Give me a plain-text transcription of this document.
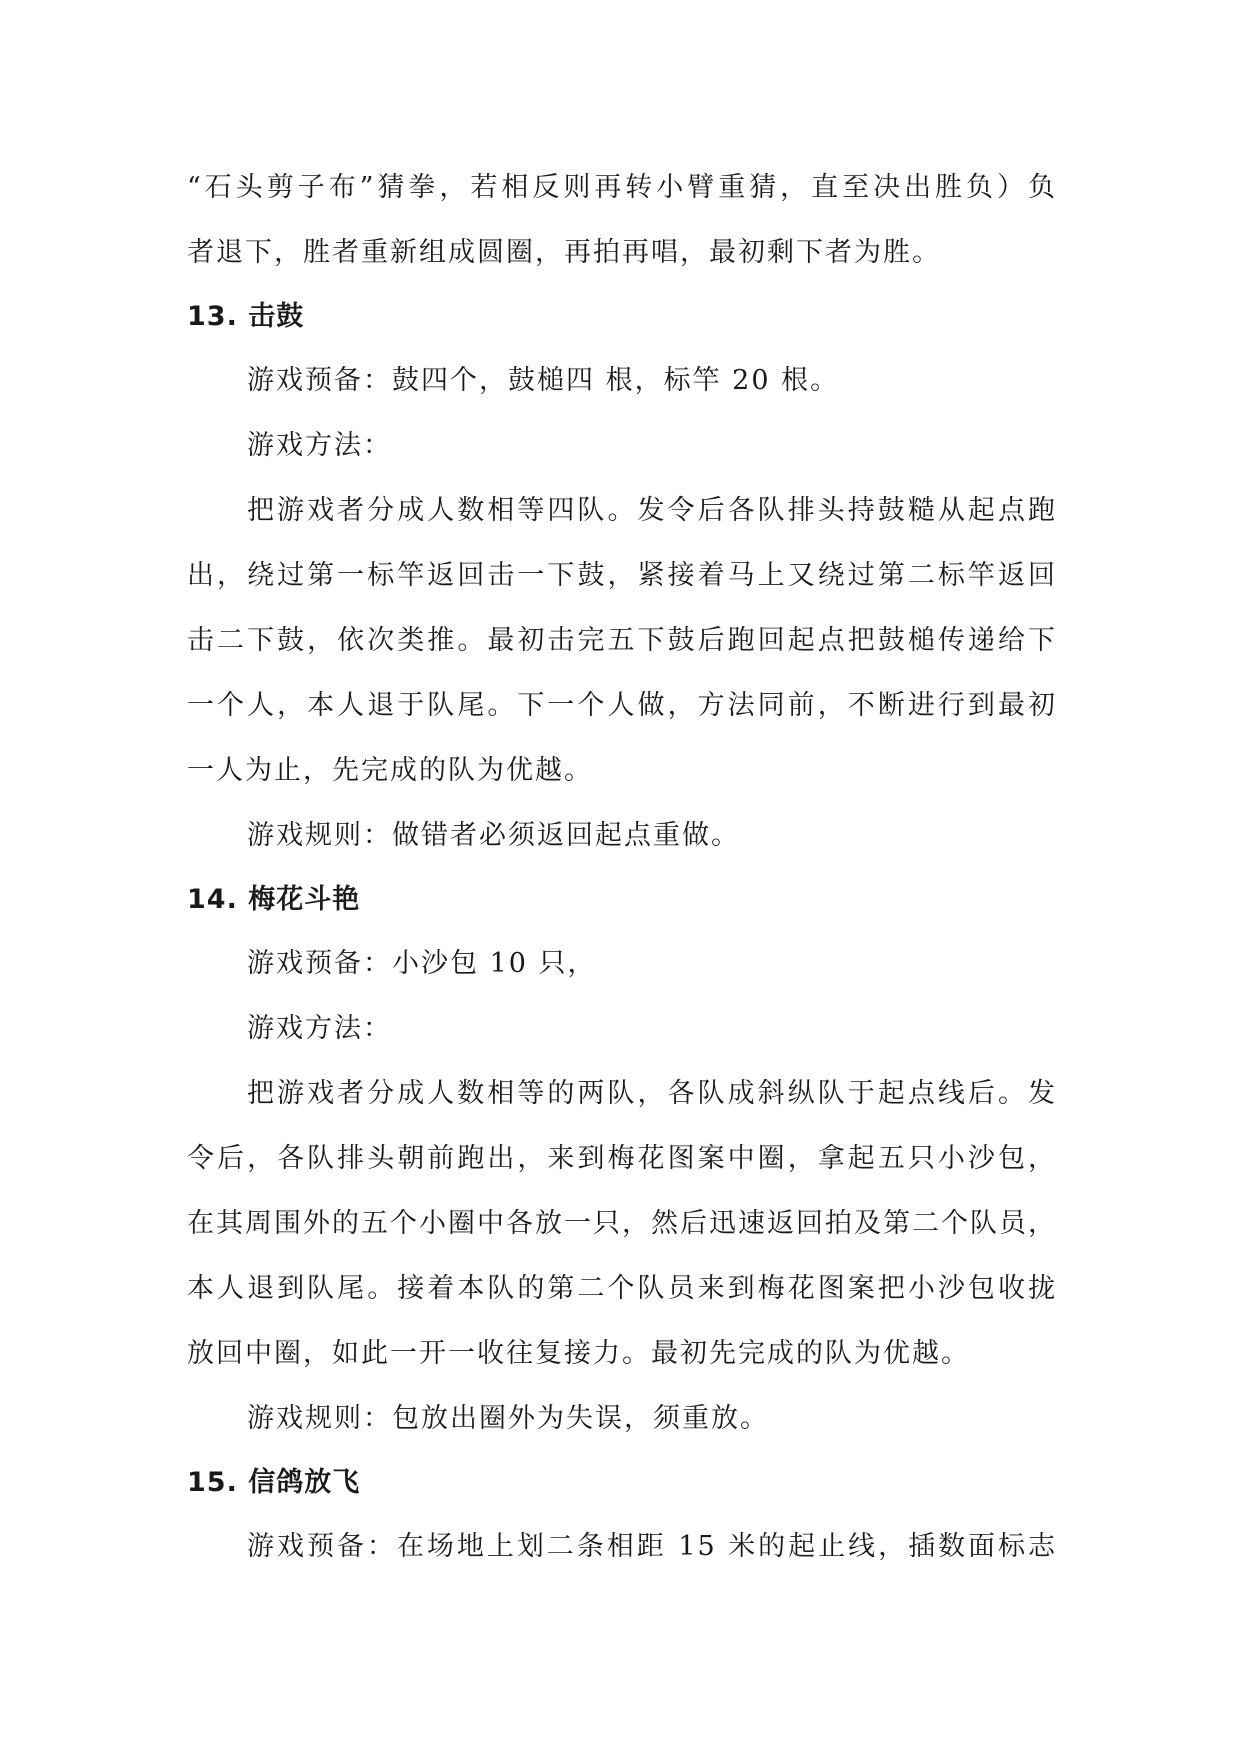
“石头剪子布”猜拳，若相反则再转小臂重猜，直至决出胜负）负
者退下，胜者重新组成圆圈，再拍再唱，最初剩下者为胜。
13. 击鼓
游戏预备：鼓四个，鼓槌四 根，标竿 20 根。
游戏方法：
把游戏者分成人数相等四队。发令后各队排头持鼓糙从起点跑
出，绕过第一标竿返回击一下鼓，紧接着马上又绕过第二标竿返回
击二下鼓，依次类推。最初击完五下鼓后跑回起点把鼓槌传递给下
一个人，本人退于队尾。下一个人做，方法同前，不断进行到最初
一人为止，先完成的队为优越。
游戏规则：做错者必须返回起点重做。
14. 梅花斗艳
游戏预备：小沙包 10 只，
游戏方法：
把游戏者分成人数相等的两队，各队成斜纵队于起点线后。发
令后，各队排头朝前跑出，来到梅花图案中圈，拿起五只小沙包，
在其周围外的五个小圈中各放一只，然后迅速返回拍及第二个队员，
本人退到队尾。接着本队的第二个队员来到梅花图案把小沙包收拢
放回中圈，如此一开一收往复接力。最初先完成的队为优越。
游戏规则：包放出圈外为失误，须重放。
15. 信鸽放飞
游戏预备：在场地上划二条相距 15 米的起止线，插数面标志
